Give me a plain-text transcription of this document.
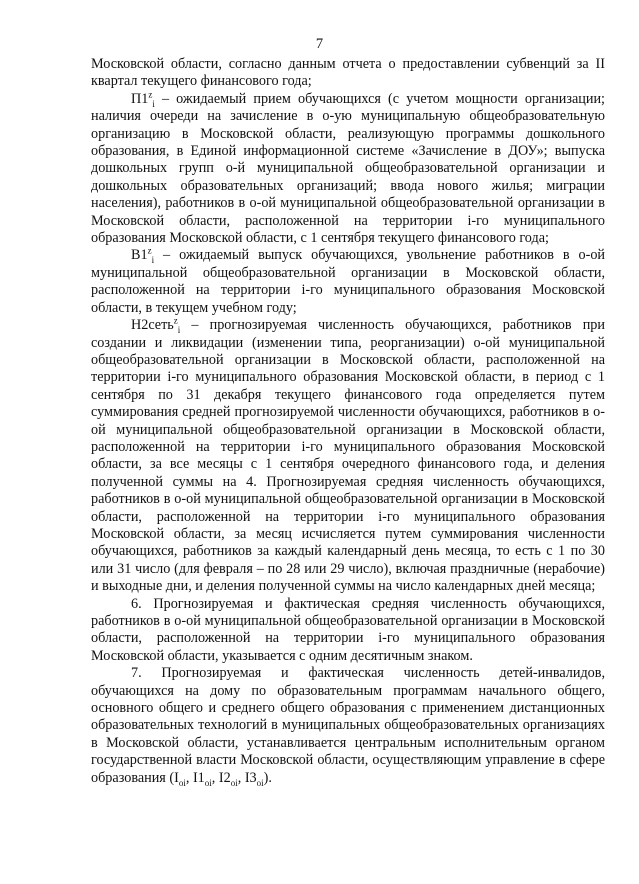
7

Московской области, согласно данным отчета о предоставлении субвенций за II квартал текущего финансового года;

$П1^z_i$ – ожидаемый прием обучающихся (с учетом мощности организации; наличия очереди на зачисление в о-ую муниципальную общеобразовательную организацию в Московской области, реализующую программы дошкольного образования, в Единой информационной системе «Зачисление в ДОУ»; выпуска дошкольных групп о-й муниципальной общеобразовательной организации и дошкольных образовательных организаций; ввода нового жилья; миграции населения), работников в о-ой муниципальной общеобразовательной организации в Московской области, расположенной на территории i-го муниципального образования Московской области, с 1 сентября текущего финансового года;

$В1^z_i$ – ожидаемый выпуск обучающихся, увольнение работников в о-ой муниципальной общеобразовательной организации в Московской области, расположенной на территории i-го муниципального образования Московской области, в текущем учебном году;

Н2сеть$^z_i$ – прогнозируемая численность обучающихся, работников при создании и ликвидации (изменении типа, реорганизации) о-ой муниципальной общеобразовательной организации в Московской области, расположенной на территории i-го муниципального образования Московской области, в период с 1 сентября по 31 декабря текущего финансового года определяется путем суммирования средней прогнозируемой численности обучающихся, работников в о-ой муниципальной общеобразовательной организации в Московской области, расположенной на территории i-го муниципального образования Московской области, за все месяцы с 1 сентября очередного финансового года, и деления полученной суммы на 4. Прогнозируемая средняя численность обучающихся, работников в о-ой муниципальной общеобразовательной организации в Московской области, расположенной на территории i-го муниципального образования Московской области, за месяц исчисляется путем суммирования численности обучающихся, работников за каждый календарный день месяца, то есть с 1 по 30 или 31 число (для февраля – по 28 или 29 число), включая праздничные (нерабочие) и выходные дни, и деления полученной суммы на число календарных дней месяца;

6. Прогнозируемая и фактическая средняя численность обучающихся, работников в о-ой муниципальной общеобразовательной организации в Московской области, расположенной на территории i-го муниципального образования Московской области, указывается с одним десятичным знаком.

7. Прогнозируемая и фактическая численность детей-инвалидов, обучающихся на дому по образовательным программам начального общего, основного общего и среднего общего образования с применением дистанционных образовательных технологий в муниципальных общеобразовательных организациях в Московской области, устанавливается центральным исполнительным органом государственной власти Московской области, осуществляющим управление в сфере образования ($I_{oi}$, $I1_{oi}$, $I2_{oi}$, $I3_{oi}$).
